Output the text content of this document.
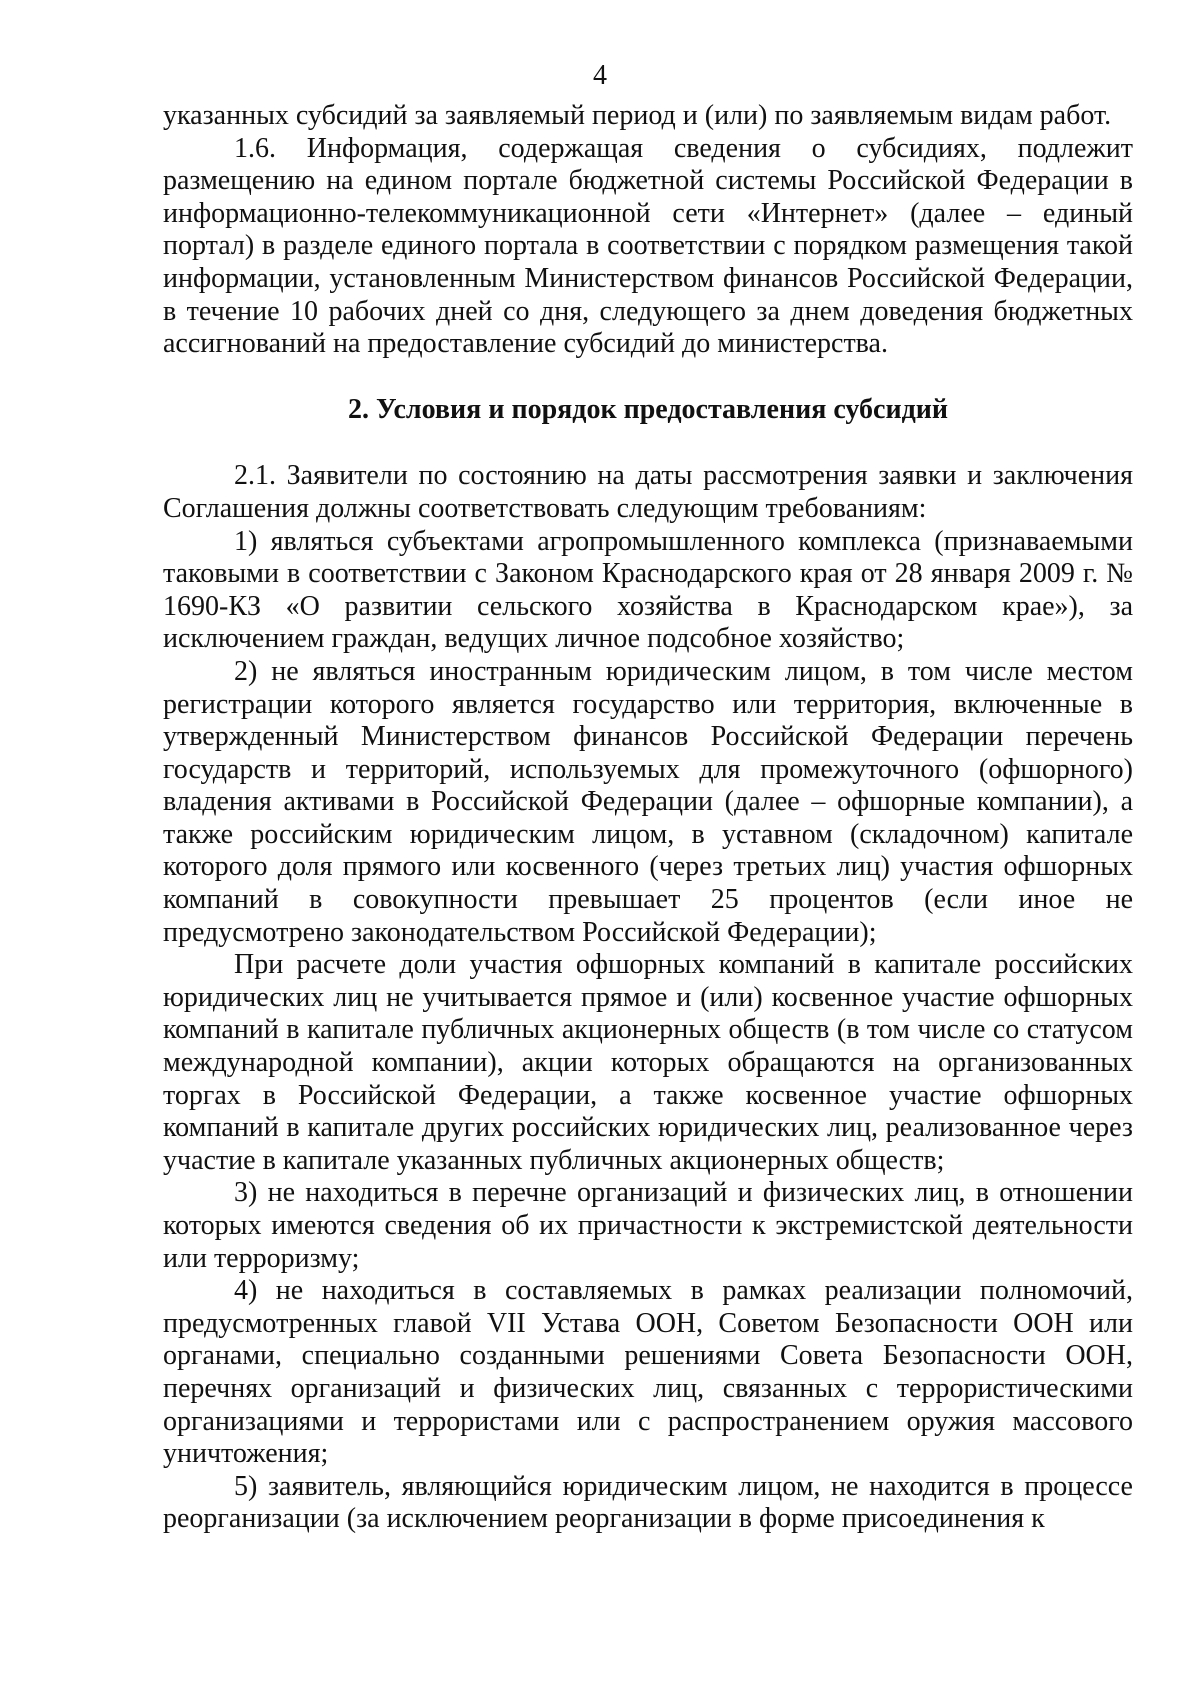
4

указанных субсидий за заявляемый период и (или) по заявляемым видам работ.

1.6. Информация, содержащая сведения о субсидиях, подлежит размещению на едином портале бюджетной системы Российской Федерации в информационно-телекоммуникационной сети «Интернет» (далее – единый портал) в разделе единого портала в соответствии с порядком размещения такой информации, установленным Министерством финансов Российской Федерации, в течение 10 рабочих дней со дня, следующего за днем доведения бюджетных ассигнований на предоставление субсидий до министерства.

2. Условия и порядок предоставления субсидий

2.1. Заявители по состоянию на даты рассмотрения заявки и заключения Соглашения должны соответствовать следующим требованиям:

1) являться субъектами агропромышленного комплекса (признаваемыми таковыми в соответствии с Законом Краснодарского края от 28 января 2009 г. № 1690-КЗ «О развитии сельского хозяйства в Краснодарском крае»), за исключением граждан, ведущих личное подсобное хозяйство;

2) не являться иностранным юридическим лицом, в том числе местом регистрации которого является государство или территория, включенные в утвержденный Министерством финансов Российской Федерации перечень государств и территорий, используемых для промежуточного (офшорного) владения активами в Российской Федерации (далее – офшорные компании), а также российским юридическим лицом, в уставном (складочном) капитале которого доля прямого или косвенного (через третьих лиц) участия офшорных компаний в совокупности превышает 25 процентов (если иное не предусмотрено законодательством Российской Федерации);

При расчете доли участия офшорных компаний в капитале российских юридических лиц не учитывается прямое и (или) косвенное участие офшорных компаний в капитале публичных акционерных обществ (в том числе со статусом международной компании), акции которых обращаются на организованных торгах в Российской Федерации, а также косвенное участие офшорных компаний в капитале других российских юридических лиц, реализованное через участие в капитале указанных публичных акционерных обществ;

3) не находиться в перечне организаций и физических лиц, в отношении которых имеются сведения об их причастности к экстремистской деятельности или терроризму;

4) не находиться в составляемых в рамках реализации полномочий, предусмотренных главой VII Устава ООН, Советом Безопасности ООН или органами, специально созданными решениями Совета Безопасности ООН, перечнях организаций и физических лиц, связанных с террористическими организациями и террористами или с распространением оружия массового уничтожения;

5) заявитель, являющийся юридическим лицом, не находится в процессе реорганизации (за исключением реорганизации в форме присоединения к
